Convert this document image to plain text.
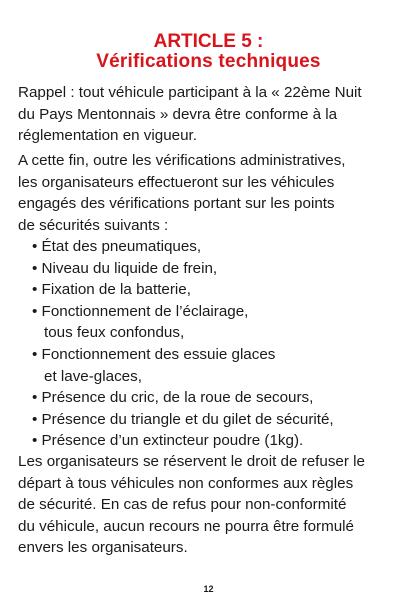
ARTICLE 5 :
Vérifications techniques

Rappel : tout véhicule participant à la « 22ème Nuit
du Pays Mentonnais » devra être conforme à la
réglementation en vigueur.

A cette fin, outre les vérifications administratives,
les organisateurs effectueront sur les véhicules
engagés des vérifications portant sur les points
de sécurités suivants :

• État des pneumatiques,
• Niveau du liquide de frein,
• Fixation de la batterie,
• Fonctionnement de l’éclairage,
tous feux confondus,
• Fonctionnement des essuie glaces
et lave-glaces,
• Présence du cric, de la roue de secours,
• Présence du triangle et du gilet de sécurité,
• Présence d’un extincteur poudre (1kg).

Les organisateurs se réservent le droit de refuser le
départ à tous véhicules non conformes aux règles
de sécurité. En cas de refus pour non-conformité
du véhicule, aucun recours ne pourra être formulé
envers les organisateurs.

12
